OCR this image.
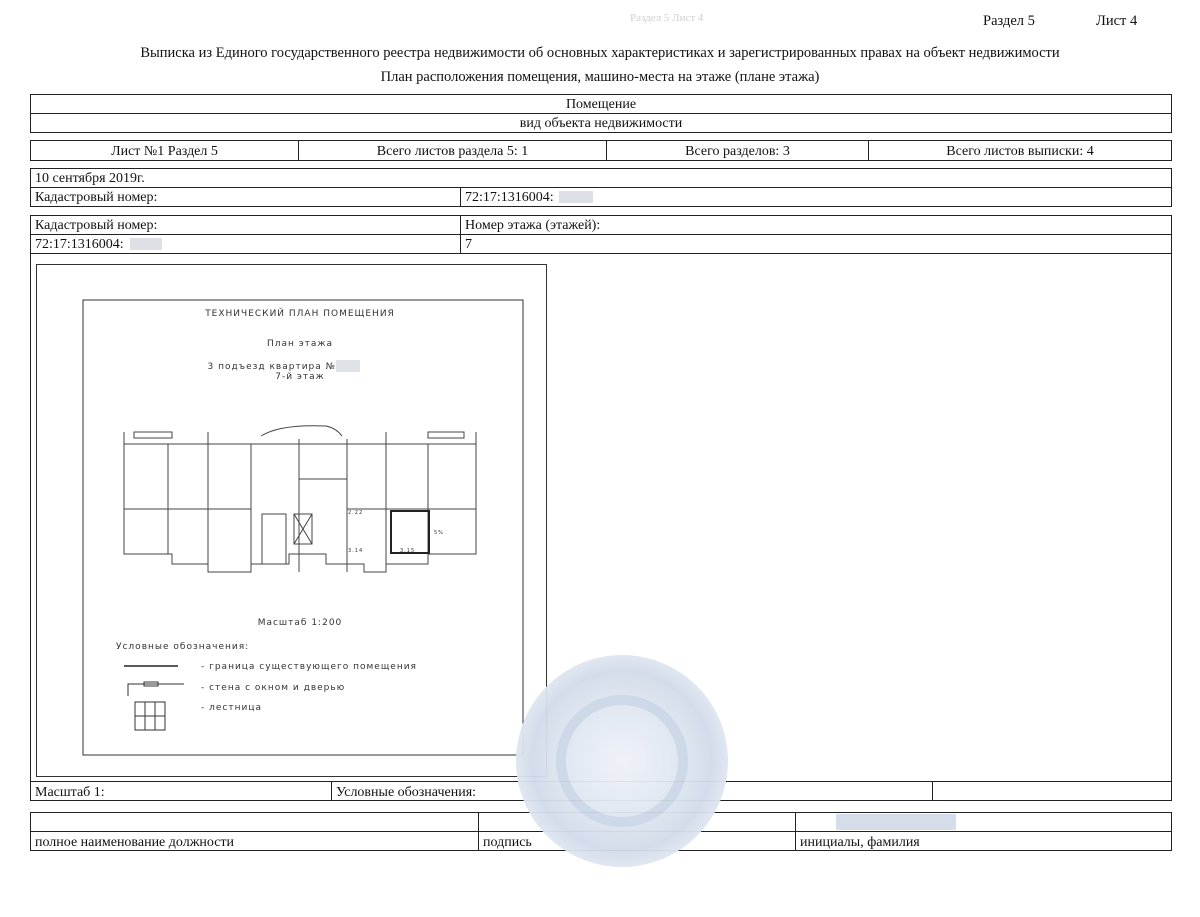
Раздел 5 Лист 4	Раздел 5	Лист 4
Выписка из Единого государственного реестра недвижимости об основных характеристиках и зарегистрированных правах на объект недвижимости
План расположения помещения, машино-места на этаже (плане этажа)
Помещение
вид объекта недвижимости
Лист №1 Раздел 5	Всего листов раздела 5: 1	Всего разделов: 3	Всего листов выписки: 4
10 сентября 2019г.
Кадастровый номер:	72:17:1316004:
Кадастровый номер:	Номер этажа (этажей):
72:17:1316004:	7
ТЕХНИЧЕСКИЙ ПЛАН ПОМЕЩЕНИЯ
План этажа
3 подъезд квартира №
7-й этаж
2.22
3.14	3.15
5%
Масштаб 1:200
Условные обозначения:
- граница существующего помещения
- стена с окном и дверью
- лестница
Масштаб 1:	Условные обозначения:
полное наименование должности	подпись	инициалы, фамилия
